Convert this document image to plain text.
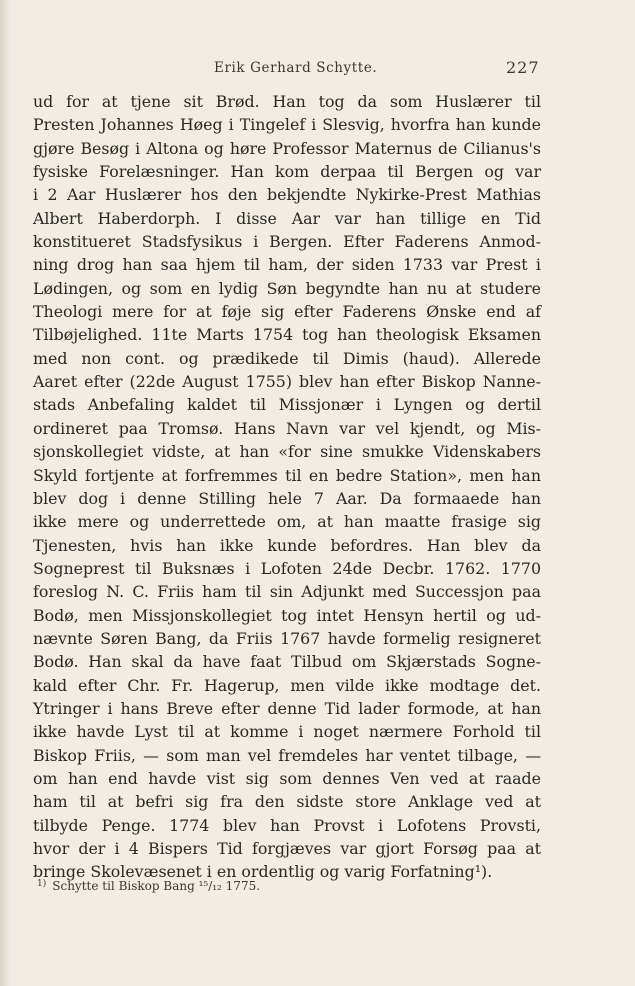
Erik Gerhard Schytte.	227
ud for at tjene sit Brød. Han tog da som Huslærer til
Presten Johannes Høeg i Tingelef i Slesvig, hvorfra han kunde
gjøre Besøg i Altona og høre Professor Maternus de Cilianus's
fysiske Forelæsninger. Han kom derpaa til Bergen og var
i 2 Aar Huslærer hos den bekjendte Nykirke-Prest Mathias
Albert Haberdorph. I disse Aar var han tillige en Tid
konstitueret Stadsfysikus i Bergen. Efter Faderens Anmod-
ning drog han saa hjem til ham, der siden 1733 var Prest i
Lødingen, og som en lydig Søn begyndte han nu at studere
Theologi mere for at føje sig efter Faderens Ønske end af
Tilbøjelighed. 11te Marts 1754 tog han theologisk Eksamen
med non cont. og prædikede til Dimis (haud). Allerede
Aaret efter (22de August 1755) blev han efter Biskop Nanne-
stads Anbefaling kaldet til Missjonær i Lyngen og dertil
ordineret paa Tromsø. Hans Navn var vel kjendt, og Mis-
sjonskollegiet vidste, at han «for sine smukke Videnskabers
Skyld fortjente at forfremmes til en bedre Station», men han
blev dog i denne Stilling hele 7 Aar. Da formaaede han
ikke mere og underrettede om, at han maatte frasige sig
Tjenesten, hvis han ikke kunde befordres. Han blev da
Sogneprest til Buksnæs i Lofoten 24de Decbr. 1762. 1770
foreslog N. C. Friis ham til sin Adjunkt med Successjon paa
Bodø, men Missjonskollegiet tog intet Hensyn hertil og ud-
nævnte Søren Bang, da Friis 1767 havde formelig resigneret
Bodø. Han skal da have faat Tilbud om Skjærstads Sogne-
kald efter Chr. Fr. Hagerup, men vilde ikke modtage det.
Ytringer i hans Breve efter denne Tid lader formode, at han
ikke havde Lyst til at komme i noget nærmere Forhold til
Biskop Friis, — som man vel fremdeles har ventet tilbage, —
om han end havde vist sig som dennes Ven ved at raade
ham til at befri sig fra den sidste store Anklage ved at
tilbyde Penge. 1774 blev han Provst i Lofotens Provsti,
hvor der i 4 Bispers Tid forgjæves var gjort Forsøg paa at
bringe Skolevæsenet i en ordentlig og varig Forfatning¹).
$^{1)}$ Schytte til Biskop Bang ¹⁵/₁₂ 1775.
